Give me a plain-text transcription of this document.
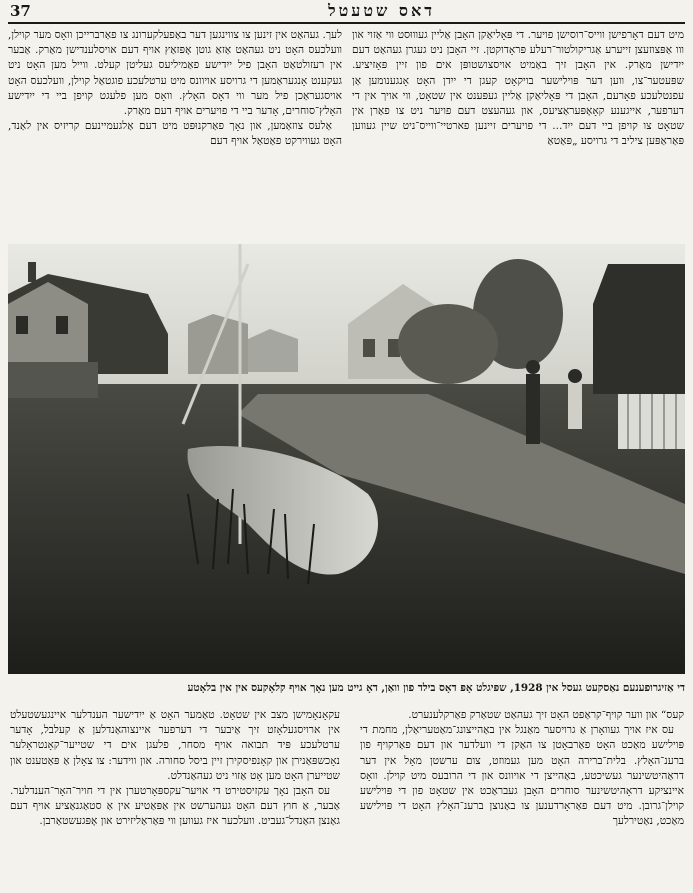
37	דאס שטעטל

מיט דעם דאָרפישן ווייס־רוסישן פויער. די פּאָליאַקן האָבן אַליין געוווּסט ווי אַזוי און ווו אַפּצוזעצן זייערע אַגריקולטור־רעלע פּראָדוקטן. זיי האָבן ניט געגרן געהאַט דעם ייִדישן מאַרק. אין האָבן זיך באַמיט אויסצושטופּן אים פון זיין פּאָזיציע. שפּעטער־צו, ווען דער פּוילישער בויקאָט קעגן די ייִדן האָט אָנגענומען אַן עפנטלעכע פאָרעם, האָבן די פּאָליאַקן אַליין געפּענט אין שטאָט, ווי אויך אין די דערפער, אייגענע קאָאָפּעראַציעס, און געהעצט דעם פויער ניט צו פאַרן אין שטאָט צו קויפן ביי דעם ייִד... די פויערים זיינען פארטיי־ווייס־ניט שיין געווען פּאַראַפּען ציליב די גרויסע „פּאַטאַ

לעך. געהאַט אין זינען צו צווינגען דער באַפעלקערונג צו פאַרברייכן וואָס מער קוילן, וועלכעס האָט ניט געהאַט אַזאַ גוטן אָפּזאַץ אויף דעם אויסלענדישן מאַרק. אַבער אין רעזולטאַט האָבן פיל ייִדישע פאַמיליעס געליטן קעלט. ווייל מען האָט ניט געקענט אָנגעראַמען די גרויסע אויוונס מיט ערטלעכע פוגטאַל קוילן, וועלכעס האָט אויסגעראַכן פיל מער ווי דאָס האָלץ. וואָס מען פלעגט קויפן ביי די ייִדישע האָלץ־סוחרים, אָדער ביי די פויערים אויף דעם מאַרק.

אַלעס צוזאַמען, און נאָך פאַרקנוּפּט מיט דעם אַלגעמיינעם קריזיס אין לאַנד, האָט געווירקט פאַטאַל אויף דעם

די אַזיגרופענעם נאַסקעט געסל אין 1928, שפּיגלט אָפּ דאָס בילד פון וואַן, דאָ גייט מען נאָך אויף קלאָקעס אין אין בלאָטע

קעס“ און ווער קויף־קראַפט האָט זיך געהאַט שטאַרק פאַרקלענערט.

עס איז אויך געוואָרן אַ גרויסער מאַנגל אין באַהייצונג־מאַטעריאַלן, מחמת די פּוילישע מאַכט האָט פאַרבאָטן צו האַקן די וועלדער און דעם פאַרקויף פון ברענ־האָלץ. בלית־ברירה האָט מען געמוזט, צום ערשטן מאָל אין דער דראַהיטשינער געשיכטע, באַהייצן די אויוונס און די הרובעס מיט קוילן. וואָס איינציקע דראָהיטשינער סוחרים האָבן געבראַכט אין שטאָט פון די פּוילישע קוילן־גרובן. מיט דעם פאַראָרדענען צו באַנוצן ברענ־האָלץ האָט די פּוילישע מאַכט, נאַטירלעך

עקאָנאָמישן מצב אין שטאָט. טאַמער האָט אַ ייִדישער הענדלער איינגעשטעלט אין ארויסגעלאָזט זיך אַיבער די דערפער איינצוהאַנדלען אַ קעלבל, אָדער ערטלעכע פּיד תבואה אויף מסחר, פלעגן אים די שטייער־קאָנטראָלער נאָכשפּאַנירן און קאָנפיסקירן זיין ביסל סחורה. און ווידער: צו צאָלן אַ פּאַטענט און שטייערן האָט מען אָט אַזוי ניט געהאַנדלט.

עס האָבן נאָך עקזיסטירט די אויער־עקספּאָרטערן אין די חויר־האָר־הענדלער. אַבער, אַ חוץ דעם האָט געהערשט אין אַפּאַטיע אין אַ סטאַגנאַציע אויף דעם גאַנצן האַנדל־געביט. וועלכער איז געווען ווי פּאַראַליזירט און אָפּגעשטאַרבן.
